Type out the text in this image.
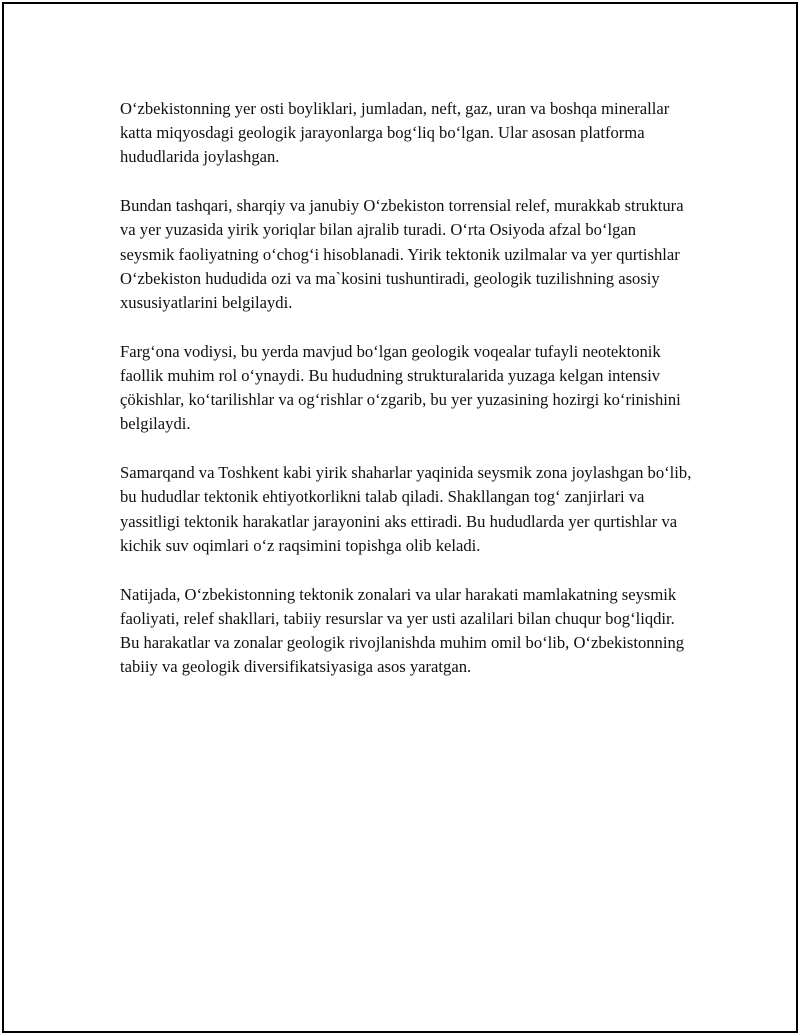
O‘zbekistonning yer osti boyliklari, jumladan, neft, gaz, uran va boshqa minerallar katta miqyosdagi geologik jarayonlarga bog‘liq bo‘lgan. Ular asosan platforma hududlarida joylashgan.

Bundan tashqari, sharqiy va janubiy O‘zbekiston torrensial relef, murakkab struktura va yer yuzasida yirik yoriqlar bilan ajralib turadi. O‘rta Osiyoda afzal bo‘lgan seysmik faoliyatning o‘chog‘i hisoblanadi. Yirik tektonik uzilmalar va yer qurtishlar O‘zbekiston hududida ozi va ma`kosini tushuntiradi, geologik tuzilishning asosiy xususiyatlarini belgilaydi.

Farg‘ona vodiysi, bu yerda mavjud bo‘lgan geologik voqealar tufayli neotektonik faollik muhim rol o‘ynaydi. Bu hududning strukturalarida yuzaga kelgan intensiv çökishlar, ko‘tarilishlar va og‘rishlar o‘zgarib, bu yer yuzasining hozirgi ko‘rinishini belgilaydi.

Samarqand va Toshkent kabi yirik shaharlar yaqinida seysmik zona joylashgan bo‘lib, bu hududlar tektonik ehtiyotkorlikni talab qiladi. Shakllangan tog‘ zanjirlari va yassitligi tektonik harakatlar jarayonini aks ettiradi. Bu hududlarda yer qurtishlar va kichik suv oqimlari o‘z raqsimini topishga olib keladi.

Natijada, O‘zbekistonning tektonik zonalari va ular harakati mamlakatning seysmik faoliyati, relef shakllari, tabiiy resurslar va yer usti azalilari bilan chuqur bog‘liqdir. Bu harakatlar va zonalar geologik rivojlanishda muhim omil bo‘lib, O‘zbekistonning tabiiy va geologik diversifikatsiyasiga asos yaratgan.
